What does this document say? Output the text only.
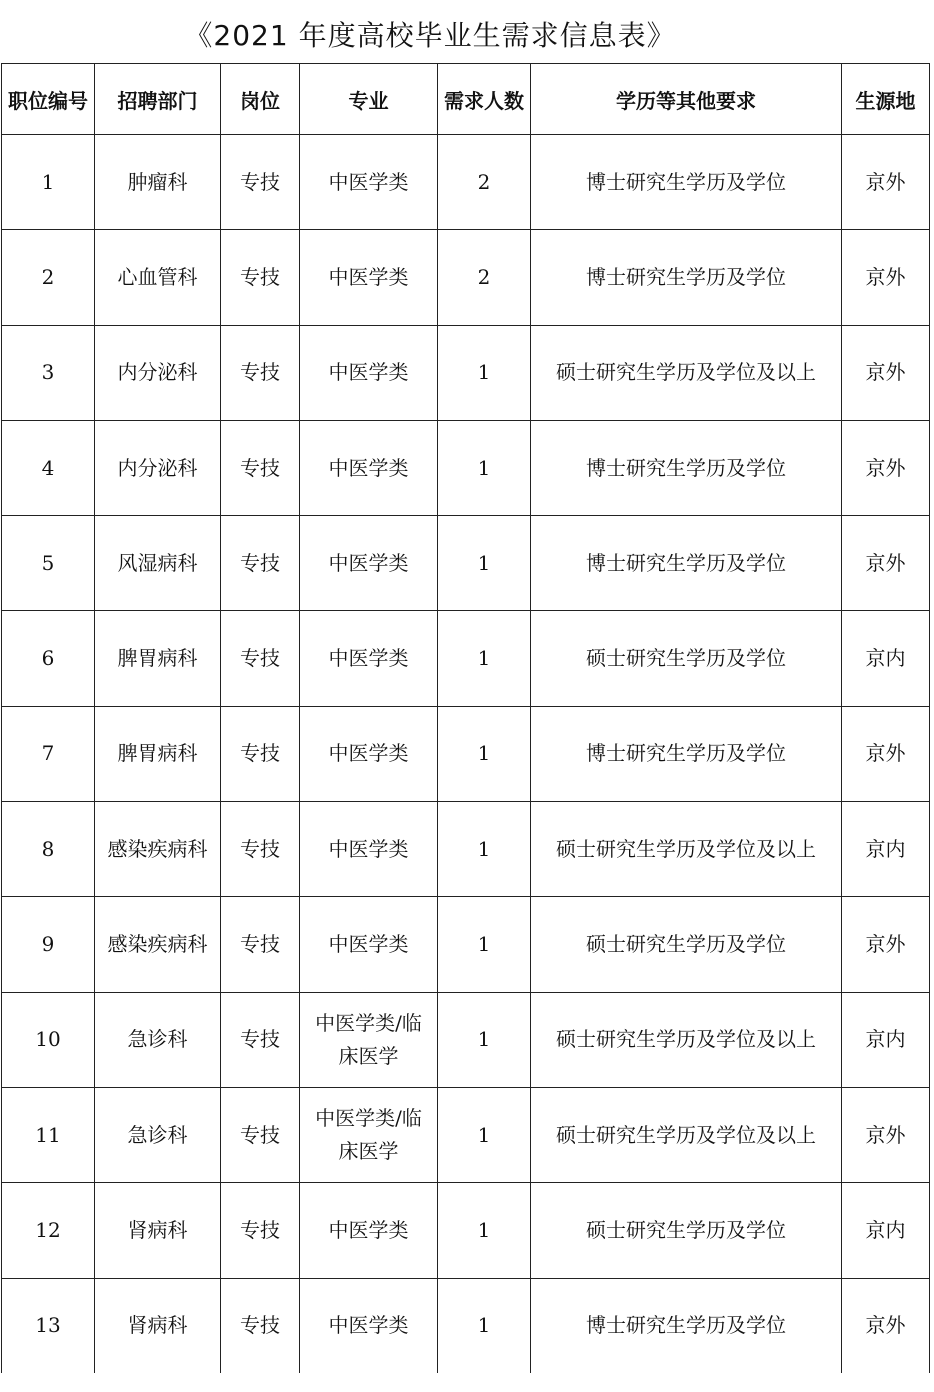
《2021 年度高校毕业生需求信息表》
职位编号	招聘部门	岗位	专业	需求人数	学历等其他要求	生源地
1	肿瘤科	专技	中医学类	2	博士研究生学历及学位	京外
2	心血管科	专技	中医学类	2	博士研究生学历及学位	京外
3	内分泌科	专技	中医学类	1	硕士研究生学历及学位及以上	京外
4	内分泌科	专技	中医学类	1	博士研究生学历及学位	京外
5	风湿病科	专技	中医学类	1	博士研究生学历及学位	京外
6	脾胃病科	专技	中医学类	1	硕士研究生学历及学位	京内
7	脾胃病科	专技	中医学类	1	博士研究生学历及学位	京外
8	感染疾病科	专技	中医学类	1	硕士研究生学历及学位及以上	京内
9	感染疾病科	专技	中医学类	1	硕士研究生学历及学位	京外
10	急诊科	专技	中医学类/临床医学	1	硕士研究生学历及学位及以上	京内
11	急诊科	专技	中医学类/临床医学	1	硕士研究生学历及学位及以上	京外
12	肾病科	专技	中医学类	1	硕士研究生学历及学位	京内
13	肾病科	专技	中医学类	1	博士研究生学历及学位	京外
